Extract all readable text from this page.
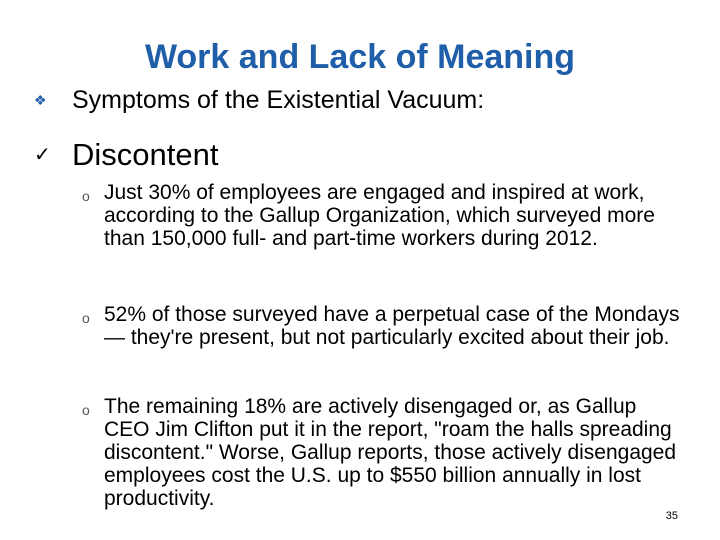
Work and Lack of Meaning
❖	Symptoms of the Existential Vacuum:
✓ Discontent
o Just 30% of employees are engaged and inspired at work, according to the Gallup Organization, which surveyed more than 150,000 full- and part-time workers during 2012.
o 52% of those surveyed have a perpetual case of the Mondays — they're present, but not particularly excited about their job.
o The remaining 18% are actively disengaged or, as Gallup CEO Jim Clifton put it in the report, "roam the halls spreading discontent." Worse, Gallup reports, those actively disengaged employees cost the U.S. up to $550 billion annually in lost productivity.
35
